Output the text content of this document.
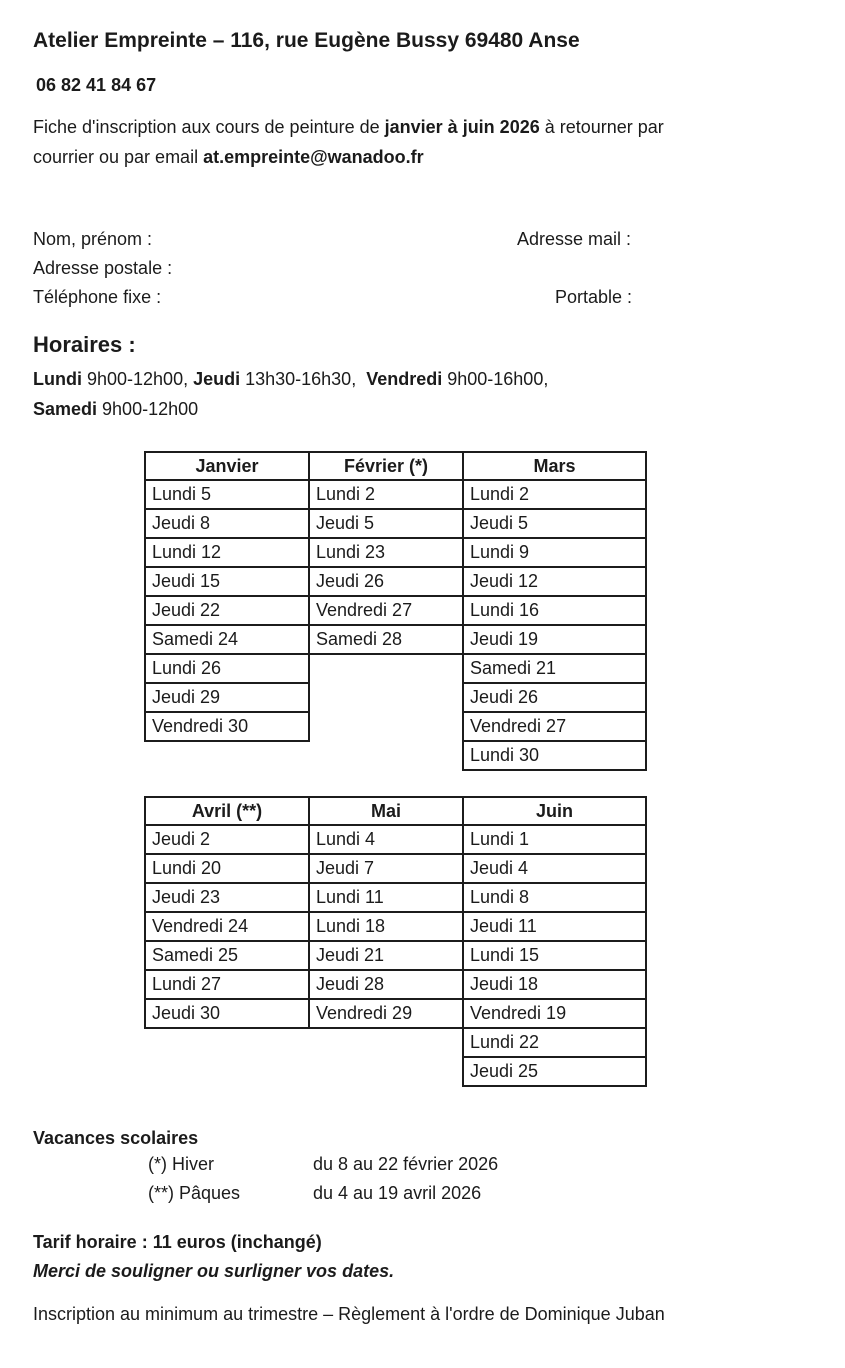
Atelier Empreinte – 116, rue Eugène Bussy 69480 Anse
06 82 41 84 67
Fiche d'inscription aux cours de peinture de janvier à juin 2026 à retourner par
courrier ou par email at.empreinte@wanadoo.fr
Nom, prénom :	Adresse mail :
Adresse postale :
Téléphone fixe :	Portable :
Horaires :
Lundi 9h00-12h00, Jeudi 13h30-16h30,  Vendredi 9h00-16h00,
Samedi 9h00-12h00
Janvier	Février (*)	Mars
Lundi 5	Lundi 2	Lundi 2
Jeudi 8	Jeudi 5	Jeudi 5
Lundi 12	Lundi 23	Lundi 9
Jeudi 15	Jeudi 26	Jeudi 12
Jeudi 22	Vendredi 27	Lundi 16
Samedi 24	Samedi 28	Jeudi 19
Lundi 26		Samedi 21
Jeudi 29		Jeudi 26
Vendredi 30		Vendredi 27
		Lundi 30
Avril (**)	Mai	Juin
Jeudi 2	Lundi 4	Lundi 1
Lundi 20	Jeudi 7	Jeudi 4
Jeudi 23	Lundi 11	Lundi 8
Vendredi 24	Lundi 18	Jeudi 11
Samedi 25	Jeudi 21	Lundi 15
Lundi 27	Jeudi 28	Jeudi 18
Jeudi 30	Vendredi 29	Vendredi 19
		Lundi 22
		Jeudi 25
Vacances scolaires
(*) Hiver	du 8 au 22 février 2026
(**) Pâques	du 4 au 19 avril 2026
Tarif horaire : 11 euros (inchangé)
Merci de souligner ou surligner vos dates.
Inscription au minimum au trimestre – Règlement à l'ordre de Dominique Juban
